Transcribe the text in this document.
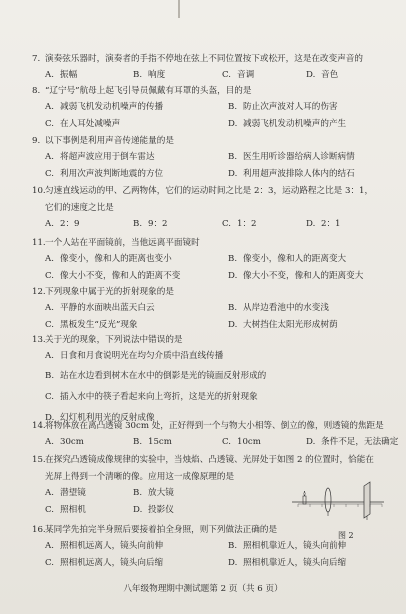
7. 演奏弦乐器时，演奏者的手指不停地在弦上不同位置按下或松开，这是在改变声音的
A. 振幅	B. 响度	C. 音调	D. 音色
8. “辽宁号”航母上起飞引导员佩戴有耳罩的头盔，目的是
A. 减弱飞机发动机噪声的传播	B. 防止次声波对人耳的伤害
C. 在人耳处减噪声	D. 减弱飞机发动机噪声的产生
9. 以下事例是利用声音传递能量的是
A. 将超声波应用于倒车雷达	B. 医生用听诊器给病人诊断病情
C. 利用次声波判断地震的方位	D. 利用超声波排除人体内的结石
10.匀速直线运动的甲、乙两物体，它们的运动时间之比是 2：3，运动路程之比是 3：1，
它们的速度之比是
A. 2：9	B. 9：2	C. 1：2	D. 2：1
11.一个人站在平面镜前，当他远离平面镜时
A. 像变小，像和人的距离也变小	B. 像变小，像和人的距离变大
C. 像大小不变，像和人的距离不变	D. 像大小不变，像和人的距离变大
12.下列现象中属于光的折射现象的是
A. 平静的水面映出蓝天白云	B. 从岸边看池中的水变浅
C. 黑板发生“反光”现象	D. 大树挡住太阳光形成树荫
13.关于光的现象，下列说法中错误的是
A. 日食和月食说明光在均匀介质中沿直线传播
B. 站在水边看到树木在水中的倒影是光的镜面反射形成的
C. 插入水中的筷子看起来向上弯折，这是光的折射现象
D. 幻灯机利用光的反射成像
14.将物体放在离凸透镜 30cm 处，正好得到一个与物大小相等、倒立的像，则透镜的焦距是
A. 30cm	B. 15cm	C. 10cm	D. 条件不足，无法确定
15.在探究凸透镜成像规律的实验中，当烛焰、凸透镜、光屏处于如图 2 的位置时，恰能在
光屏上得到一个清晰的像。应用这一成像原理的是
A. 潜望镜	B. 放大镜
C. 照相机	D. 投影仪
图 2
16.某同学先拍完半身照后要接着拍全身照，则下列做法正确的是
A. 照相机远离人，镜头向前伸	B. 照相机靠近人，镜头向前伸
C. 照相机远离人，镜头向后缩	D. 照相机靠近人，镜头向后缩
八年级物理期中测试题第 2 页（共 6 页）
